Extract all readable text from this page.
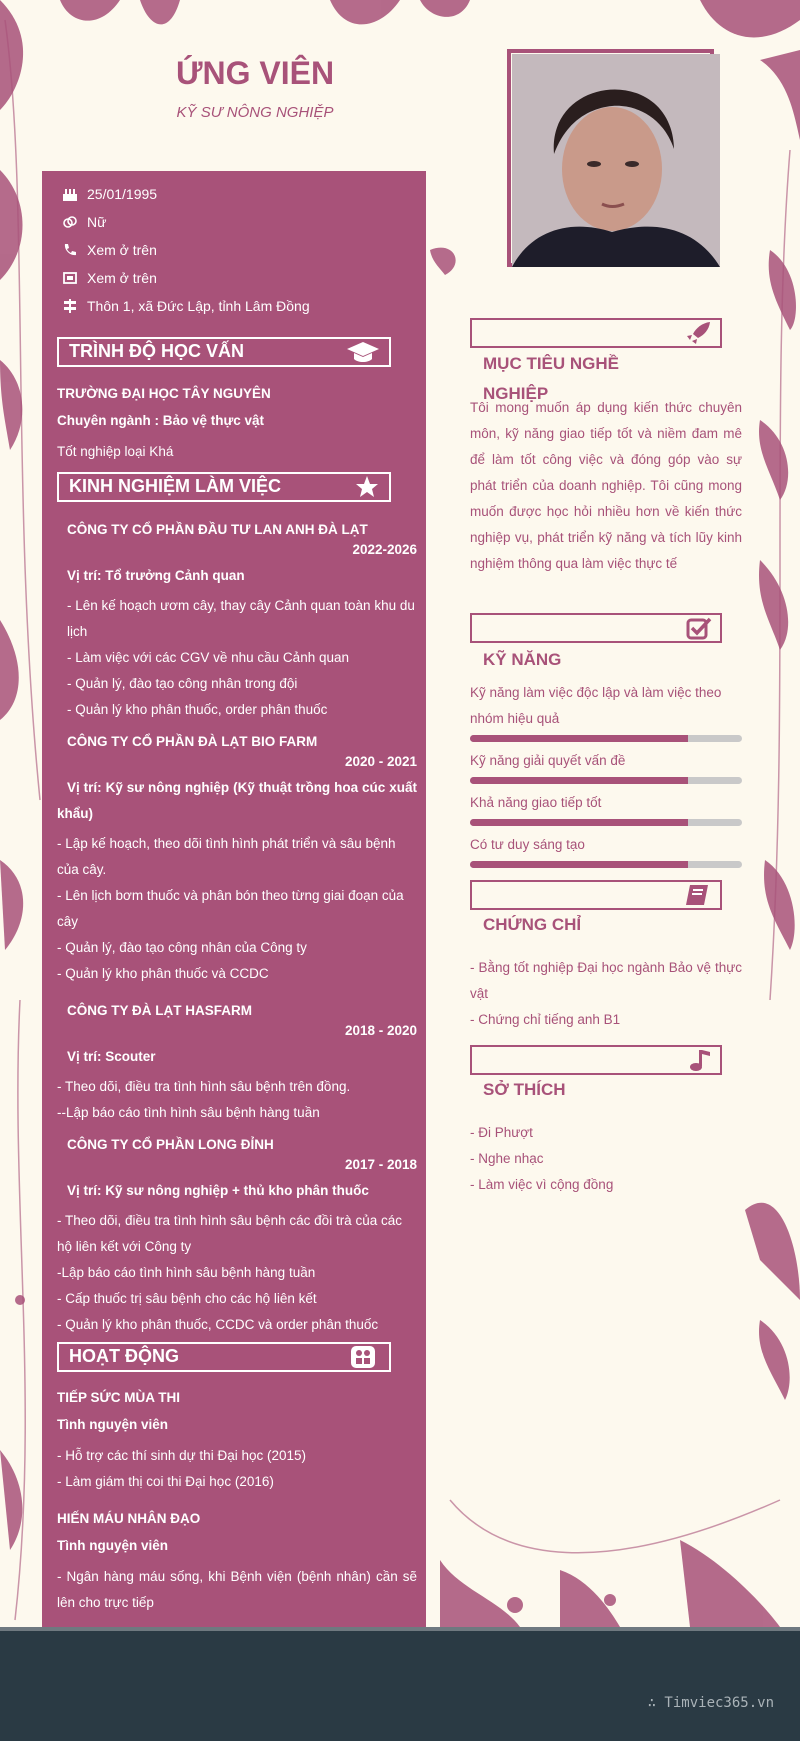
ỨNG VIÊN
KỸ SƯ NÔNG NGHIỆP
25/01/1995
Nữ
Xem ở trên
Xem ở trên
Thôn 1, xã Đức Lập, tỉnh Lâm Đồng
TRÌNH ĐỘ HỌC VẤN
TRƯỜNG ĐẠI HỌC TÂY NGUYÊN
Chuyên ngành : Bảo vệ thực vật
Tốt nghiệp loại Khá
KINH NGHIỆM LÀM VIỆC
CÔNG TY CỔ PHẦN ĐẦU TƯ LAN ANH ĐÀ LẠT
2022-2026
Vị trí: Tổ trưởng Cảnh quan
- Lên kế hoạch ươm cây, thay cây Cảnh quan toàn khu du lịch
- Làm việc với các CGV về nhu cầu Cảnh quan
- Quản lý, đào tạo công nhân trong đội
- Quản lý kho phân thuốc, order phân thuốc
CÔNG TY CỔ PHẦN ĐÀ LẠT BIO FARM
2020 - 2021
Vị trí: Kỹ sư nông nghiệp (Kỹ thuật trồng hoa cúc xuất khẩu)
- Lập kế hoạch, theo dõi tình hình phát triển và sâu bệnh của cây.
- Lên lịch bơm thuốc và phân bón theo từng giai đoạn của cây
- Quản lý, đào tạo công nhân của Công ty
- Quản lý kho phân thuốc và CCDC
CÔNG TY ĐÀ LẠT HASFARM
2018 - 2020
Vị trí: Scouter
- Theo dõi, điều tra tình hình sâu bệnh trên đồng.
--Lập báo cáo tình hình sâu bệnh hàng tuần
CÔNG TY CỔ PHẦN LONG ĐỈNH
2017 - 2018
Vị trí: Kỹ sư nông nghiệp + thủ kho phân thuốc
- Theo dõi, điều tra tình hình sâu bệnh các đồi trà của các hộ liên kết với Công ty
-Lập báo cáo tình hình sâu bệnh hàng tuần
- Cấp thuốc trị sâu bệnh cho các hộ liên kết
- Quản lý kho phân thuốc, CCDC và order phân thuốc
HOẠT ĐỘNG
TIẾP SỨC MÙA THI
Tình nguyện viên
- Hỗ trợ các thí sinh dự thi Đại học (2015)
- Làm giám thị coi thi Đại học (2016)
HIẾN MÁU NHÂN ĐẠO
Tình nguyện viên
- Ngân hàng máu sống, khi Bệnh viện (bệnh nhân) cần sẽ lên cho trực tiếp
MỤC TIÊU NGHỀ NGHIỆP
Tôi mong muốn áp dụng kiến thức chuyên môn, kỹ năng giao tiếp tốt và niềm đam mê để làm tốt công việc và đóng góp vào sự phát triển của doanh nghiệp. Tôi cũng mong muốn được học hỏi nhiều hơn về kiến thức nghiệp vụ, phát triển kỹ năng và tích lũy kinh nghiệm thông qua làm việc thực tế
KỸ NĂNG
Kỹ năng làm việc độc lập và làm việc theo nhóm hiệu quả
Kỹ năng giải quyết vấn đề
Khả năng giao tiếp tốt
Có tư duy sáng tạo
CHỨNG CHỈ
- Bằng tốt nghiệp Đại học ngành Bảo vệ thực vật
- Chứng chỉ tiếng anh B1
SỞ THÍCH
- Đi Phượt
- Nghe nhạc
- Làm việc vì cộng đồng
∴ Timviec365.vn
